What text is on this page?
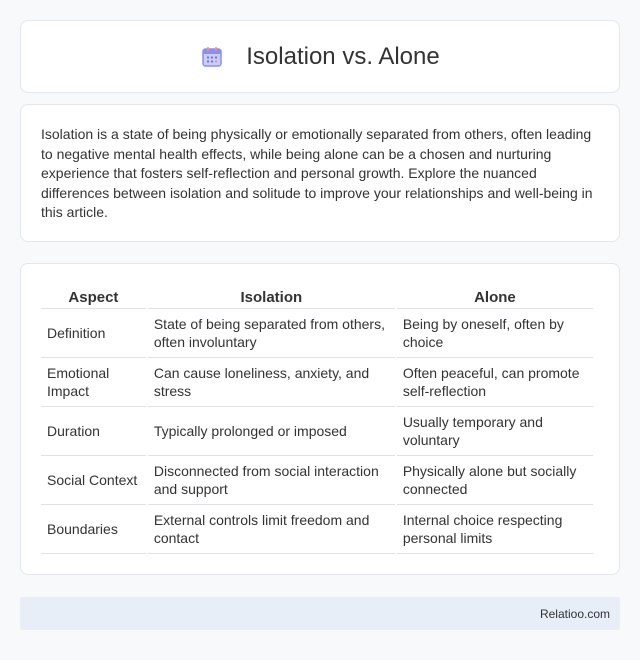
Isolation vs. Alone

Isolation is a state of being physically or emotionally separated from others, often leading to negative mental health effects, while being alone can be a chosen and nurturing experience that fosters self-reflection and personal growth. Explore the nuanced differences between isolation and solitude to improve your relationships and well-being in this article.

Aspect	Isolation	Alone
Definition	State of being separated from others, often involuntary	Being by oneself, often by choice
Emotional Impact	Can cause loneliness, anxiety, and stress	Often peaceful, can promote self-reflection
Duration	Typically prolonged or imposed	Usually temporary and voluntary
Social Context	Disconnected from social interaction and support	Physically alone but socially connected
Boundaries	External controls limit freedom and contact	Internal choice respecting personal limits
Relatioo.com
